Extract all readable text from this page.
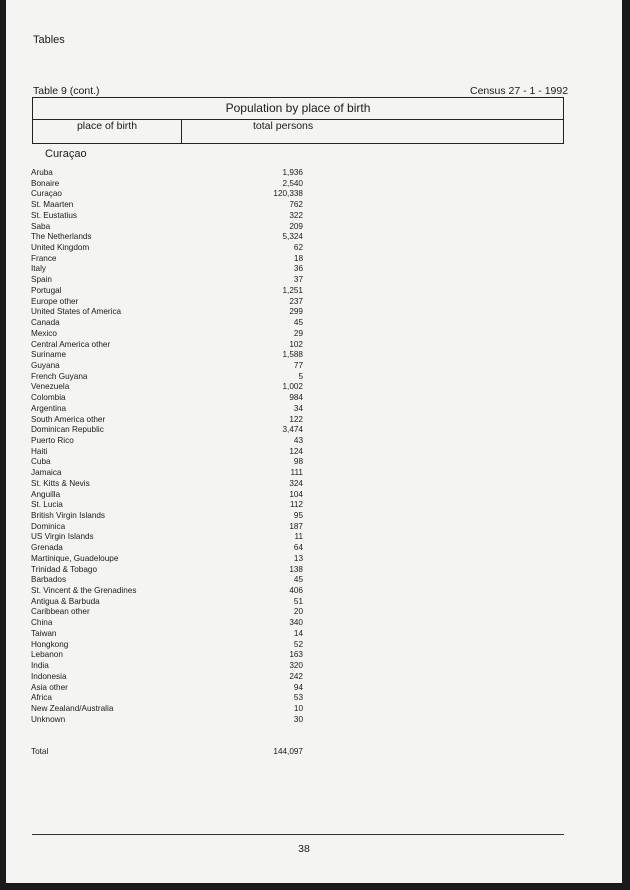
Tables
Table 9 (cont.)	Census 27 - 1 - 1992
Population by place of birth
place of birth	total persons
Curaçao
Aruba	1,936
Bonaire	2,540
Curaçao	120,338
St. Maarten	762
St. Eustatius	322
Saba	209
The Netherlands	5,324
United Kingdom	62
France	18
Italy	36
Spain	37
Portugal	1,251
Europe other	237
United States of America	299
Canada	45
Mexico	29
Central America other	102
Suriname	1,588
Guyana	77
French Guyana	5
Venezuela	1,002
Colombia	984
Argentina	34
South America other	122
Dominican Republic	3,474
Puerto Rico	43
Haiti	124
Cuba	98
Jamaica	111
St. Kitts & Nevis	324
Anguilla	104
St. Lucia	112
British Virgin Islands	95
Dominica	187
US Virgin Islands	11
Grenada	64
Martinique, Guadeloupe	13
Trinidad & Tobago	138
Barbados	45
St. Vincent & the Grenadines	406
Antigua & Barbuda	51
Caribbean other	20
China	340
Taiwan	14
Hongkong	52
Lebanon	163
India	320
Indonesia	242
Asia other	94
Africa	53
New Zealand/Australia	10
Unknown	30
Total	144,097
38
